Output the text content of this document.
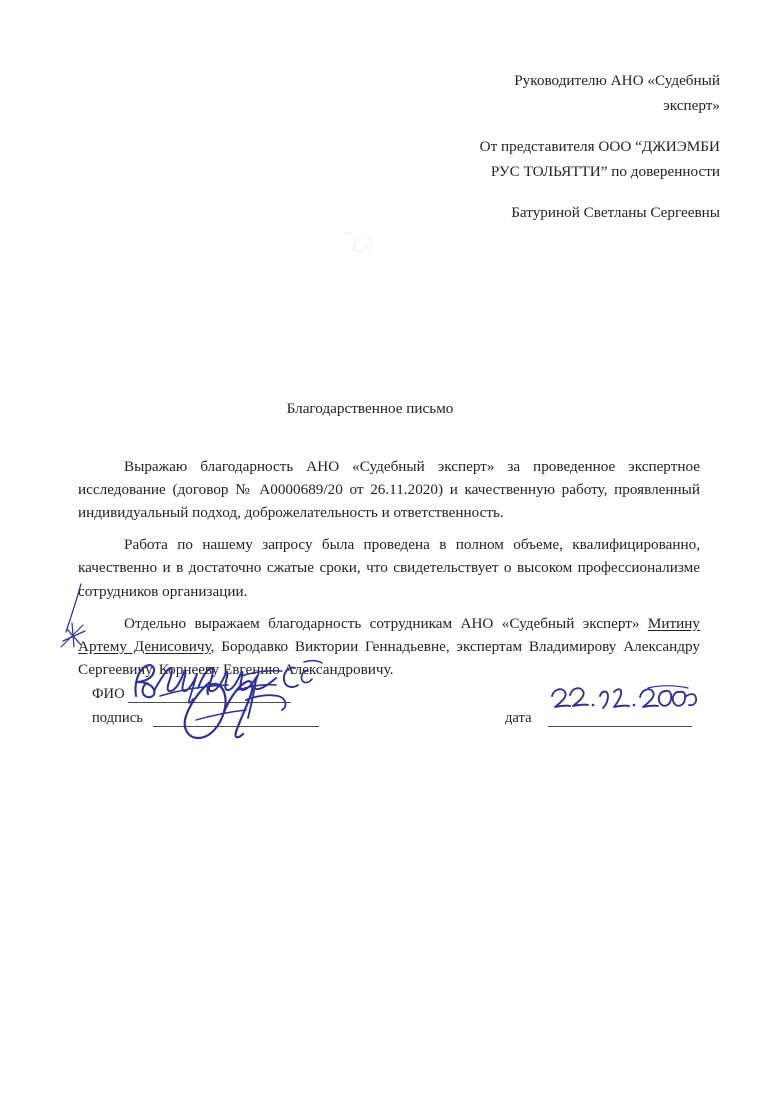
Руководителю АНО «Судебный
эксперт»
От представителя ООО “ДЖИЭМБИ
РУС ТОЛЬЯТТИ” по доверенности
Батуриной Светланы Сергеевны
Благодарственное письмо

Выражаю благодарность АНО «Судебный эксперт» за проведенное экспертное исследование (договор № А0000689/20 от 26.11.2020) и качественную работу, проявленный индивидуальный подход, доброжелательность и ответственность.

Работа по нашему запросу была проведена в полном объеме, квалифицированно, качественно и в достаточно сжатые сроки, что свидетельствует о высоком профессионализме сотрудников организации.

Отдельно выражаем благодарность сотрудникам АНО «Судебный эксперт» Митину Артему Денисовичу, Бородавко Виктории Геннадьевне, экспертам Владимирову Александру Сергеевичу, Корнееву Евгению Александровичу.

ФИО
подпись	дата
